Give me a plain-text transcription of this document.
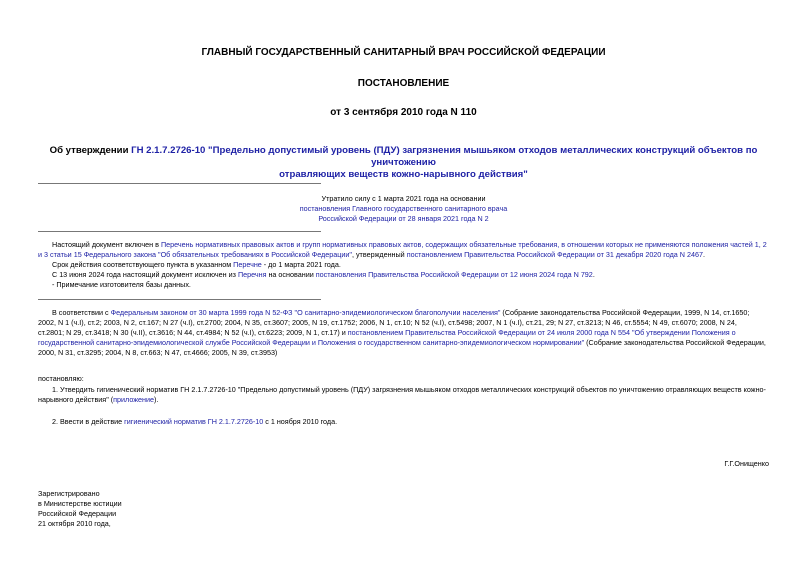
ГЛАВНЫЙ ГОСУДАРСТВЕННЫЙ САНИТАРНЫЙ ВРАЧ РОССИЙСКОЙ ФЕДЕРАЦИИ
ПОСТАНОВЛЕНИЕ
от 3 сентября 2010 года N 110
Об утверждении ГН 2.1.7.2726-10 "Предельно допустимый уровень (ПДУ) загрязнения мышьяком отходов металлических конструкций объектов по уничтожению
отравляющих веществ кожно-нарывного действия"
Утратило силу с 1 марта 2021 года на основании
постановления Главного государственного санитарного врача
Российской Федерации от 28 января 2021 года N 2
Настоящий документ включен в Перечень нормативных правовых актов и групп нормативных правовых актов, содержащих обязательные требования, в отношении которых не применяются положения частей 1, 2 и 3 статьи 15 Федерального закона "Об обязательных требованиях в Российской Федерации", утвержденный постановлением Правительства Российской Федерации от 31 декабря 2020 года N 2467.
Срок действия соответствующего пункта в указанном Перечне - до 1 марта 2021 года.
С 13 июня 2024 года настоящий документ исключен из Перечня на основании постановления Правительства Российской Федерации от 12 июня 2024 года N 792.
- Примечание изготовителя базы данных.
В соответствии с Федеральным законом от 30 марта 1999 года N 52-ФЗ "О санитарно-эпидемиологическом благополучии населения" (Собрание законодательства Российской Федерации, 1999, N 14, ст.1650;
2002, N 1 (ч.I), ст.2; 2003, N 2, ст.167; N 27 (ч.I), ст.2700; 2004, N 35, ст.3607; 2005, N 19, ст.1752; 2006, N 1, ст.10; N 52 (ч.I), ст.5498; 2007, N 1 (ч.I), ст.21, 29; N 27, ст.3213; N 46, ст.5554; N 49, ст.6070; 2008, N 24,
ст.2801; N 29, ст.3418; N 30 (ч.II), ст.3616; N 44, ст.4984; N 52 (ч.I), ст.6223; 2009, N 1, ст.17) и постановлением Правительства Российской Федерации от 24 июля 2000 года N 554 "Об утверждении Положения о
государственной санитарно-эпидемиологической службе Российской Федерации и Положения о государственном санитарно-эпидемиологическом нормировании" (Собрание законодательства Российской Федерации,
2000, N 31, ст.3295; 2004, N 8, ст.663; N 47, ст.4666; 2005, N 39, ст.3953)
постановляю:
1. Утвердить гигиенический норматив ГН 2.1.7.2726-10 "Предельно допустимый уровень (ПДУ) загрязнения мышьяком отходов металлических конструкций объектов по уничтожению отравляющих веществ кожно-
нарывного действия" (приложение).
2. Ввести в действие гигиенический норматив ГН 2.1.7.2726-10 с 1 ноября 2010 года.
Г.Г.Онищенко
Зарегистрировано
в Министерстве юстиции
Российской Федерации
21 октября 2010 года,
